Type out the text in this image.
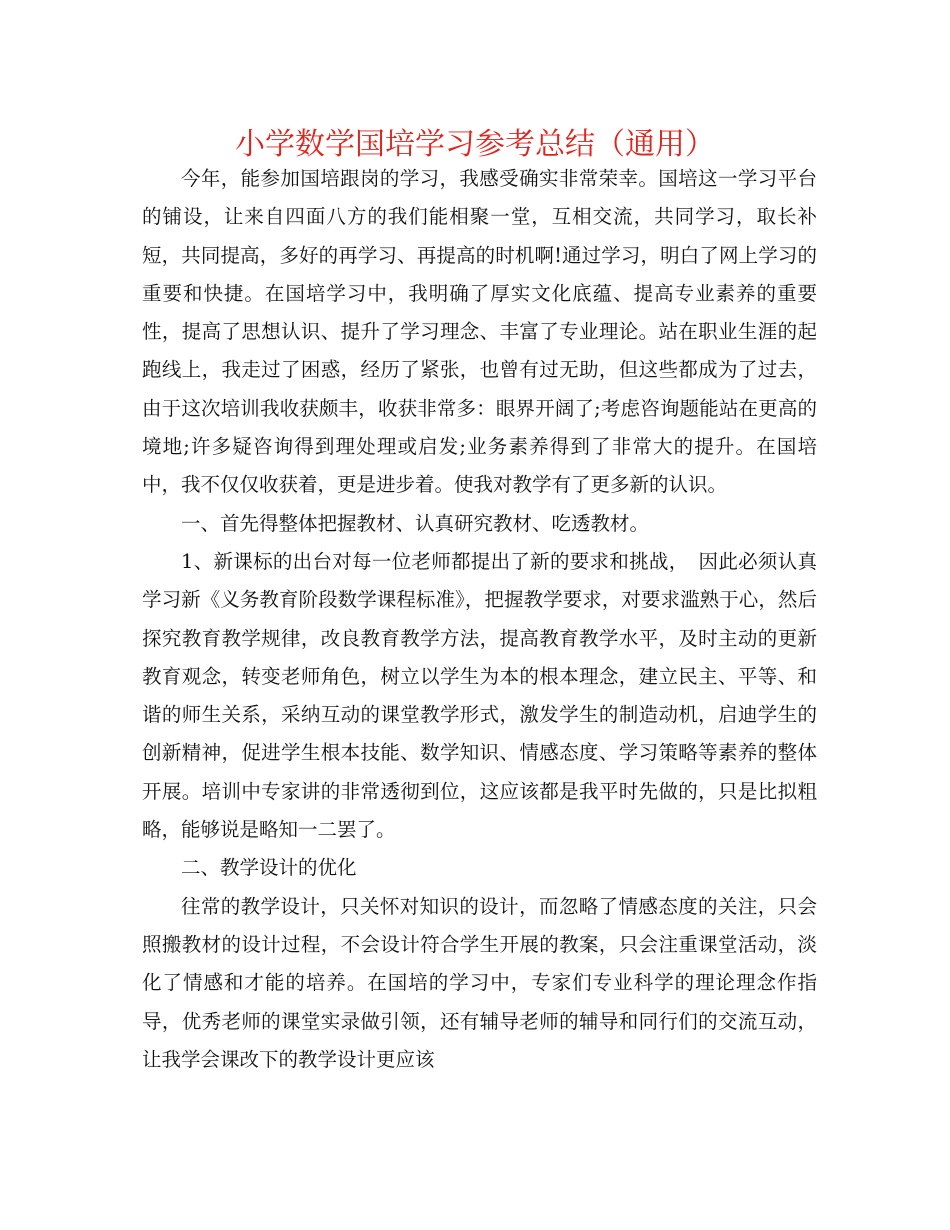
小学数学国培学习参考总结（通用）

今年，能参加国培跟岗的学习，我感受确实非常荣幸。国培这一学习平台的铺设，让来自四面八方的我们能相聚一堂，互相交流，共同学习，取长补短，共同提高，多好的再学习、再提高的时机啊!通过学习，明白了网上学习的重要和快捷。在国培学习中，我明确了厚实文化底蕴、提高专业素养的重要性，提高了思想认识、提升了学习理念、丰富了专业理论。站在职业生涯的起跑线上，我走过了困惑，经历了紧张，也曾有过无助，但这些都成为了过去，由于这次培训我收获颇丰，收获非常多：眼界开阔了;考虑咨询题能站在更高的境地;许多疑咨询得到理处理或启发;业务素养得到了非常大的提升。在国培中，我不仅仅收获着，更是进步着。使我对教学有了更多新的认识。

一、首先得整体把握教材、认真研究教材、吃透教材。

1、新课标的出台对每一位老师都提出了新的要求和挑战，　因此必须认真学习新《义务教育阶段数学课程标准》，把握教学要求，对要求滥熟于心，然后探究教育教学规律，改良教育教学方法，提高教育教学水平，及时主动的更新教育观念，转变老师角色，树立以学生为本的根本理念，建立民主、平等、和谐的师生关系，采纳互动的课堂教学形式，激发学生的制造动机，启迪学生的创新精神，促进学生根本技能、数学知识、情感态度、学习策略等素养的整体开展。培训中专家讲的非常透彻到位，这应该都是我平时先做的，只是比拟粗略，能够说是略知一二罢了。

二、教学设计的优化

往常的教学设计，只关怀对知识的设计，而忽略了情感态度的关注，只会照搬教材的设计过程，不会设计符合学生开展的教案，只会注重课堂活动，淡化了情感和才能的培养。在国培的学习中，专家们专业科学的理论理念作指导，优秀老师的课堂实录做引领，还有辅导老师的辅导和同行们的交流互动，让我学会课改下的教学设计更应该
